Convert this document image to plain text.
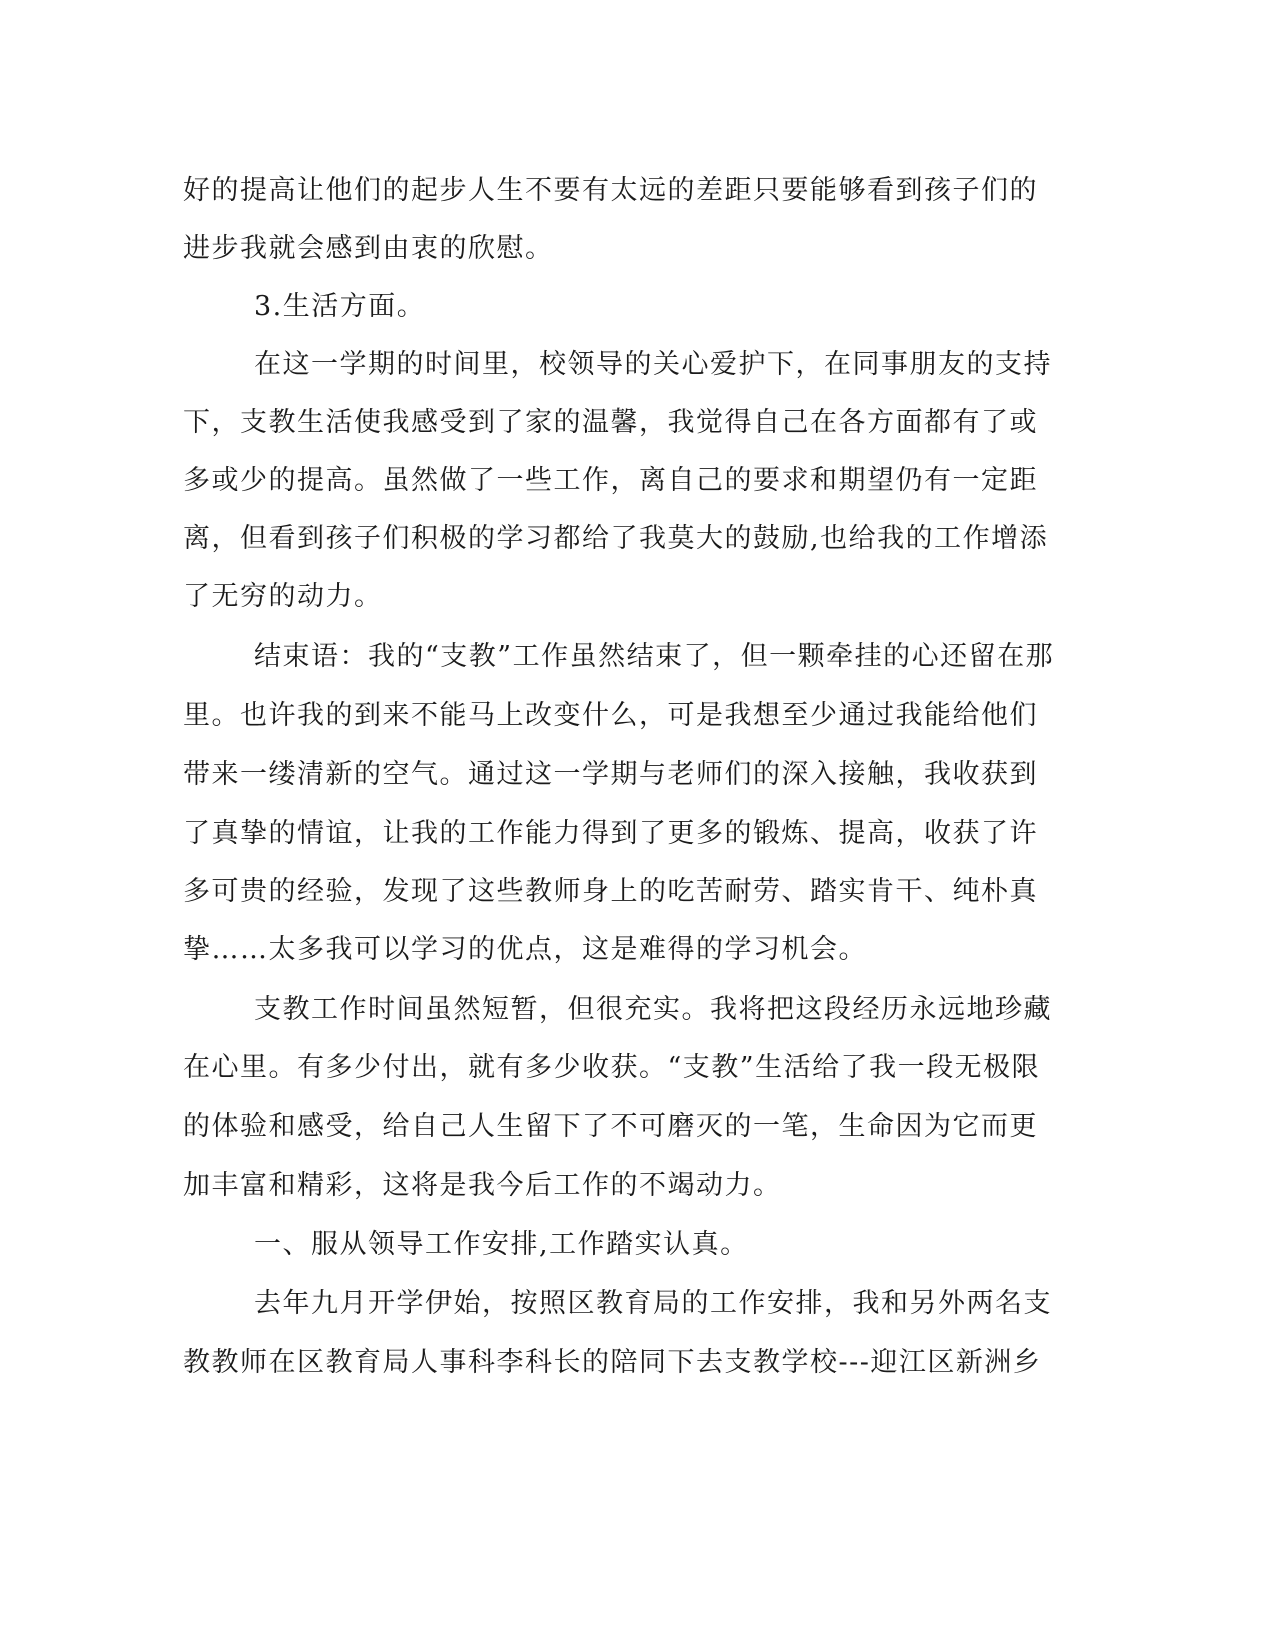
好的提高让他们的起步人生不要有太远的差距只要能够看到孩子们的
进步我就会感到由衷的欣慰。
3.生活方面。
在这一学期的时间里，校领导的关心爱护下，在同事朋友的支持
下，支教生活使我感受到了家的温馨，我觉得自己在各方面都有了或
多或少的提高。虽然做了一些工作，离自己的要求和期望仍有一定距
离，但看到孩子们积极的学习都给了我莫大的鼓励,也给我的工作增添
了无穷的动力。
结束语：我的“支教”工作虽然结束了，但一颗牵挂的心还留在那
里。也许我的到来不能马上改变什么，可是我想至少通过我能给他们
带来一缕清新的空气。通过这一学期与老师们的深入接触，我收获到
了真挚的情谊，让我的工作能力得到了更多的锻炼、提高，收获了许
多可贵的经验，发现了这些教师身上的吃苦耐劳、踏实肯干、纯朴真
挚……太多我可以学习的优点，这是难得的学习机会。
支教工作时间虽然短暂，但很充实。我将把这段经历永远地珍藏
在心里。有多少付出，就有多少收获。“支教”生活给了我一段无极限
的体验和感受，给自己人生留下了不可磨灭的一笔，生命因为它而更
加丰富和精彩，这将是我今后工作的不竭动力。
一、服从领导工作安排,工作踏实认真。
去年九月开学伊始，按照区教育局的工作安排，我和另外两名支
教教师在区教育局人事科李科长的陪同下去支教学校---迎江区新洲乡
